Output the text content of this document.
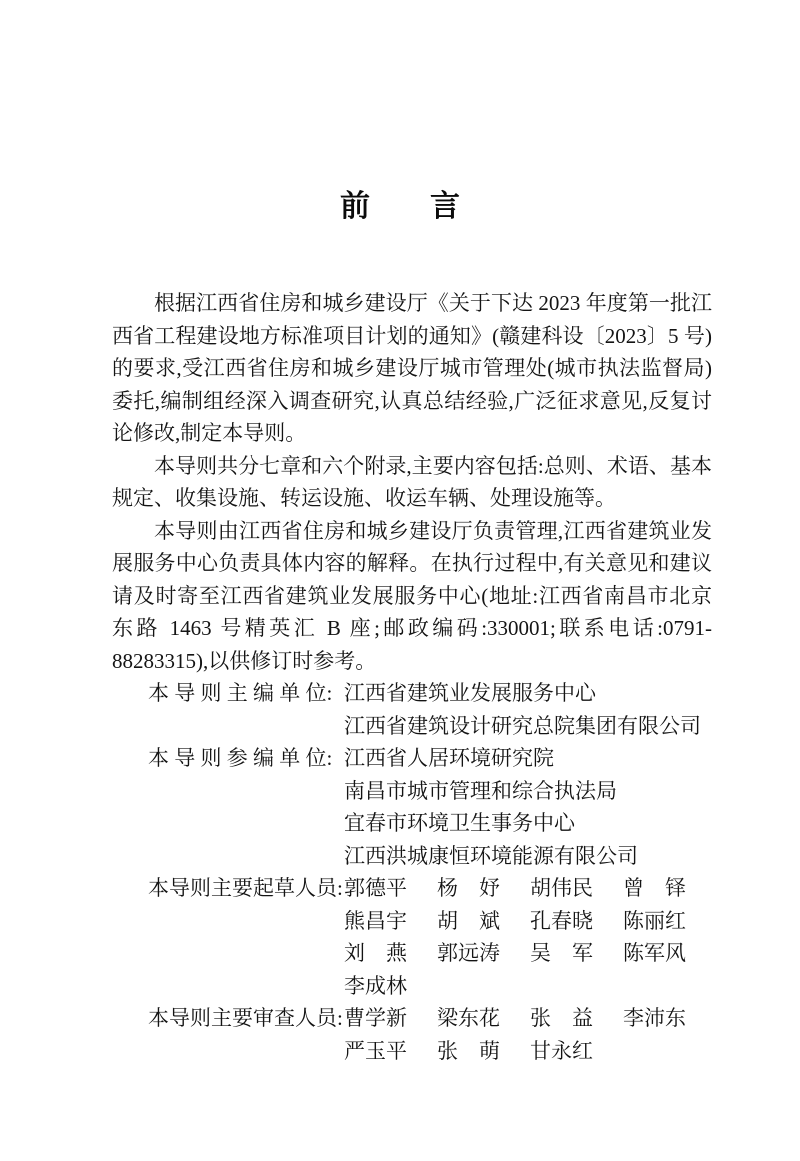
前　　言

根据江西省住房和城乡建设厅《关于下达 2023 年度第一批江西省工程建设地方标准项目计划的通知》(赣建科设〔2023〕5 号)的要求,受江西省住房和城乡建设厅城市管理处(城市执法监督局)委托,编制组经深入调查研究,认真总结经验,广泛征求意见,反复讨论修改,制定本导则。

本导则共分七章和六个附录,主要内容包括:总则、术语、基本规定、收集设施、转运设施、收运车辆、处理设施等。

本导则由江西省住房和城乡建设厅负责管理,江西省建筑业发展服务中心负责具体内容的解释。在执行过程中,有关意见和建议请及时寄至江西省建筑业发展服务中心(地址:江西省南昌市北京东路 1463 号精英汇 B 座;邮政编码:330001;联系电话:0791-88283315),以供修订时参考。

本 导 则 主 编 单 位: 江西省建筑业发展服务中心
江西省建筑设计研究总院集团有限公司
本 导 则 参 编 单 位: 江西省人居环境研究院
南昌市城市管理和综合执法局
宜春市环境卫生事务中心
江西洪城康恒环境能源有限公司
本导则主要起草人员: 郭德平 杨　妤 胡伟民 曾　铎
熊昌宇 胡　斌 孔春晓 陈丽红
刘　燕 郭远涛 吴　军 陈军风
李成林
本导则主要审查人员: 曹学新 梁东花 张　益 李沛东
严玉平 张　萌 甘永红
